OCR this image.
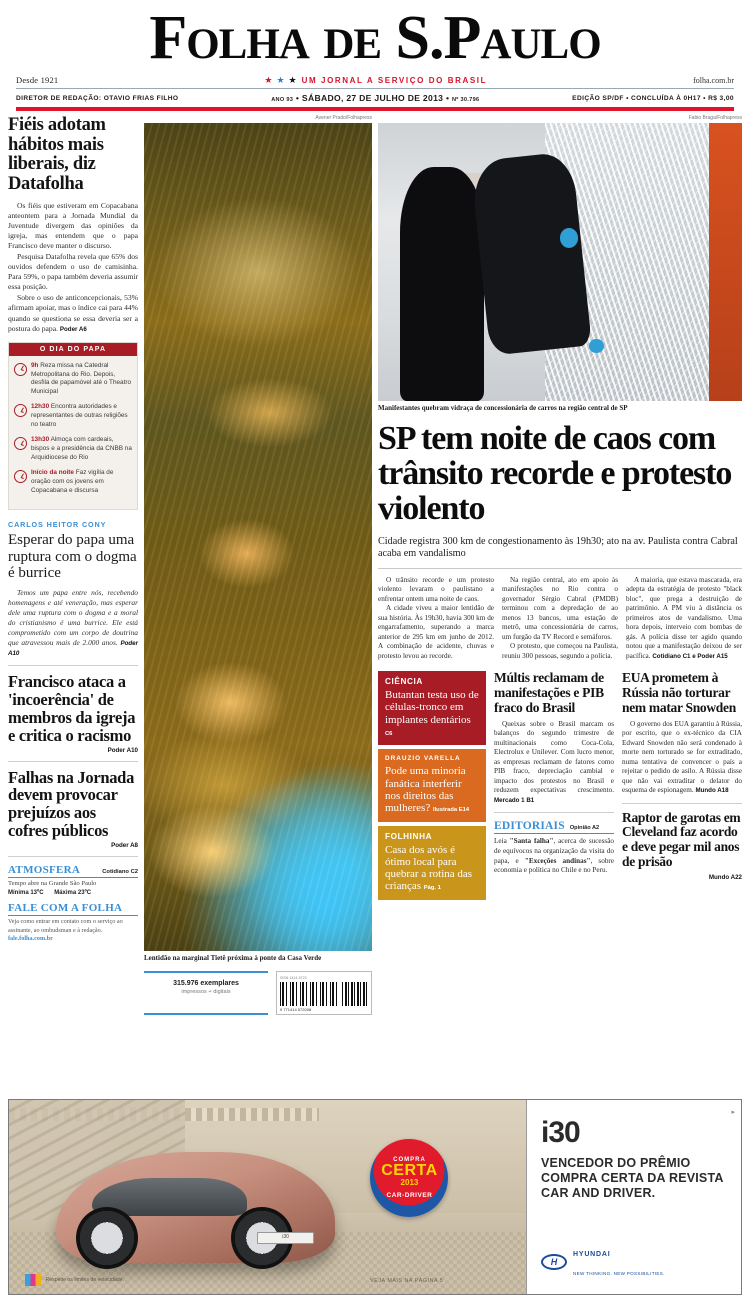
Folha de S.Paulo
Desde 1921	★ ★ ★ UM JORNAL A SERVIÇO DO BRASIL	folha.com.br
DIRETOR DE REDAÇÃO: OTAVIO FRIAS FILHO	ANO 93 • SÁBADO, 27 DE JULHO DE 2013 • Nº 30.796	EDIÇÃO SP/DF • CONCLUÍDA À 0H17 • R$ 3,00
Fiéis adotam hábitos mais liberais, diz Datafolha

Os fiéis que estiveram em Copacabana anteontem para a Jornada Mundial da Juventude divergem das opiniões da igreja, mas entendem que o papa Francisco deve manter o discurso.

Pesquisa Datafolha revela que 65% dos ouvidos defendem o uso de camisinha. Para 59%, o papa também deveria assumir essa posição.

Sobre o uso de anticoncepcionais, 53% afirmam apoiar, mas o índice cai para 44% quando se questiona se essa deveria ser a postura do papa. Poder A6

O DIA DO PAPA
9h Reza missa na Catedral Metropolitana do Rio. Depois, desfila de papamóvel até o Theatro Municipal
12h30 Encontra autoridades e representantes de outras religiões no teatro
13h30 Almoça com cardeais, bispos e a presidência da CNBB na Arquidiocese do Rio
Início da noite Faz vigília de oração com os jovens em Copacabana e discursa
CARLOS HEITOR CONY
Esperar do papa uma ruptura com o dogma é burrice
Temos um papa entre nós, recebendo homenagens e até veneração, mas esperar dele uma ruptura com o dogma e a moral do cristianismo é uma burrice. Ele está comprometido com um corpo de doutrina que atravessou mais de 2.000 anos. Poder A10
Francisco ataca a 'incoerência' de membros da igreja e critica o racismo
Poder A10
Falhas na Jornada devem provocar prejuízos aos cofres públicos
Poder A8
ATMOSFERA	Cotidiano C2
Tempo abre na Grande São Paulo
Mínima 13ºC Máxima 23ºC
FALE COM A FOLHA
Veja como entrar em contato com o serviço ao assinante, ao ombudsman e à redação. fale.folha.com.br
Avener Prado/Folhapress
Lentidão na marginal Tietê próxima à ponte da Casa Verde
315.976 exemplares
impressos + digitais
ISSN 1414-5723
9 771414 572008
Fabio Braga/Folhapress
Manifestantes quebram vidraça de concessionária de carros na região central de SP
SP tem noite de caos com trânsito recorde e protesto violento
Cidade registra 300 km de congestionamento às 19h30; ato na av. Paulista contra Cabral acaba em vandalismo

O trânsito recorde e um protesto violento levaram o paulistano a enfrentar ontem uma noite de caos.

A cidade viveu a maior lentidão de sua história. Às 19h30, havia 300 km de engarrafamento, superando a marca anterior de 295 km em junho de 2012. A combinação de acidente, chuvas e protesto levou ao recorde.

Na região central, ato em apoio às manifestações no Rio contra o governador Sérgio Cabral (PMDB) terminou com a depredação de ao menos 13 bancos, uma estação de metrô, uma concessionária de carros, um furgão da TV Record e semáforos.

O protesto, que começou na Paulista, reuniu 300 pessoas, segundo a polícia.

A maioria, que estava mascarada, era adepta da estratégia de protesto "black bloc", que prega a destruição de patrimônio. A PM viu à distância os primeiros atos de vandalismo. Uma hora depois, interveio com bombas de gás. A polícia disse ter agido quando notou que a manifestação deixou de ser pacífica. Cotidiano C1 e Poder A15

CIÊNCIA
Butantan testa uso de células-tronco em implantes dentários C6
DRAUZIO VARELLA
Pode uma minoria fanática interferir nos direitos das mulheres? Ilustrada E14
FOLHINHA
Casa dos avós é ótimo local para quebrar a rotina das crianças Pág. 1
Múltis reclamam de manifestações e PIB fraco do Brasil
Queixas sobre o Brasil marcam os balanços do segundo trimestre de multinacionais como Coca-Cola, Electrolux e Unilever. Com lucro menor, as empresas reclamam de fatores como PIB fraco, depreciação cambial e impacto dos protestos no Brasil e reduzem expectativas crescimento. Mercado 1 B1
EDITORIAIS Opinião A2
Leia "Santa falha", acerca de sucessão de equívocos na organização da visita do papa, e "Exceções andinas", sobre economia e política no Chile e no Peru.
EUA prometem à Rússia não torturar nem matar Snowden
O governo dos EUA garantiu à Rússia, por escrito, que o ex-técnico da CIA Edward Snowden não será condenado à morte nem torturado se for extraditado, numa tentativa de convencer o país a rejeitar o pedido de asilo. A Rússia disse que não vai extraditar o delator do esquema de espionagem. Mundo A18
Raptor de garotas em Cleveland faz acordo e deve pegar mil anos de prisão
Mundo A22
i30
COMPRA
CERTA
2013
CAR-DRIVER
Respeite os limites de velocidade.	VEJA MAIS NA PÁGINA 5
▸
i30
VENCEDOR DO PRÊMIO COMPRA CERTA DA REVISTA CAR AND DRIVER.
H
HYUNDAI
NEW THINKING. NEW POSSIBILITIES.
